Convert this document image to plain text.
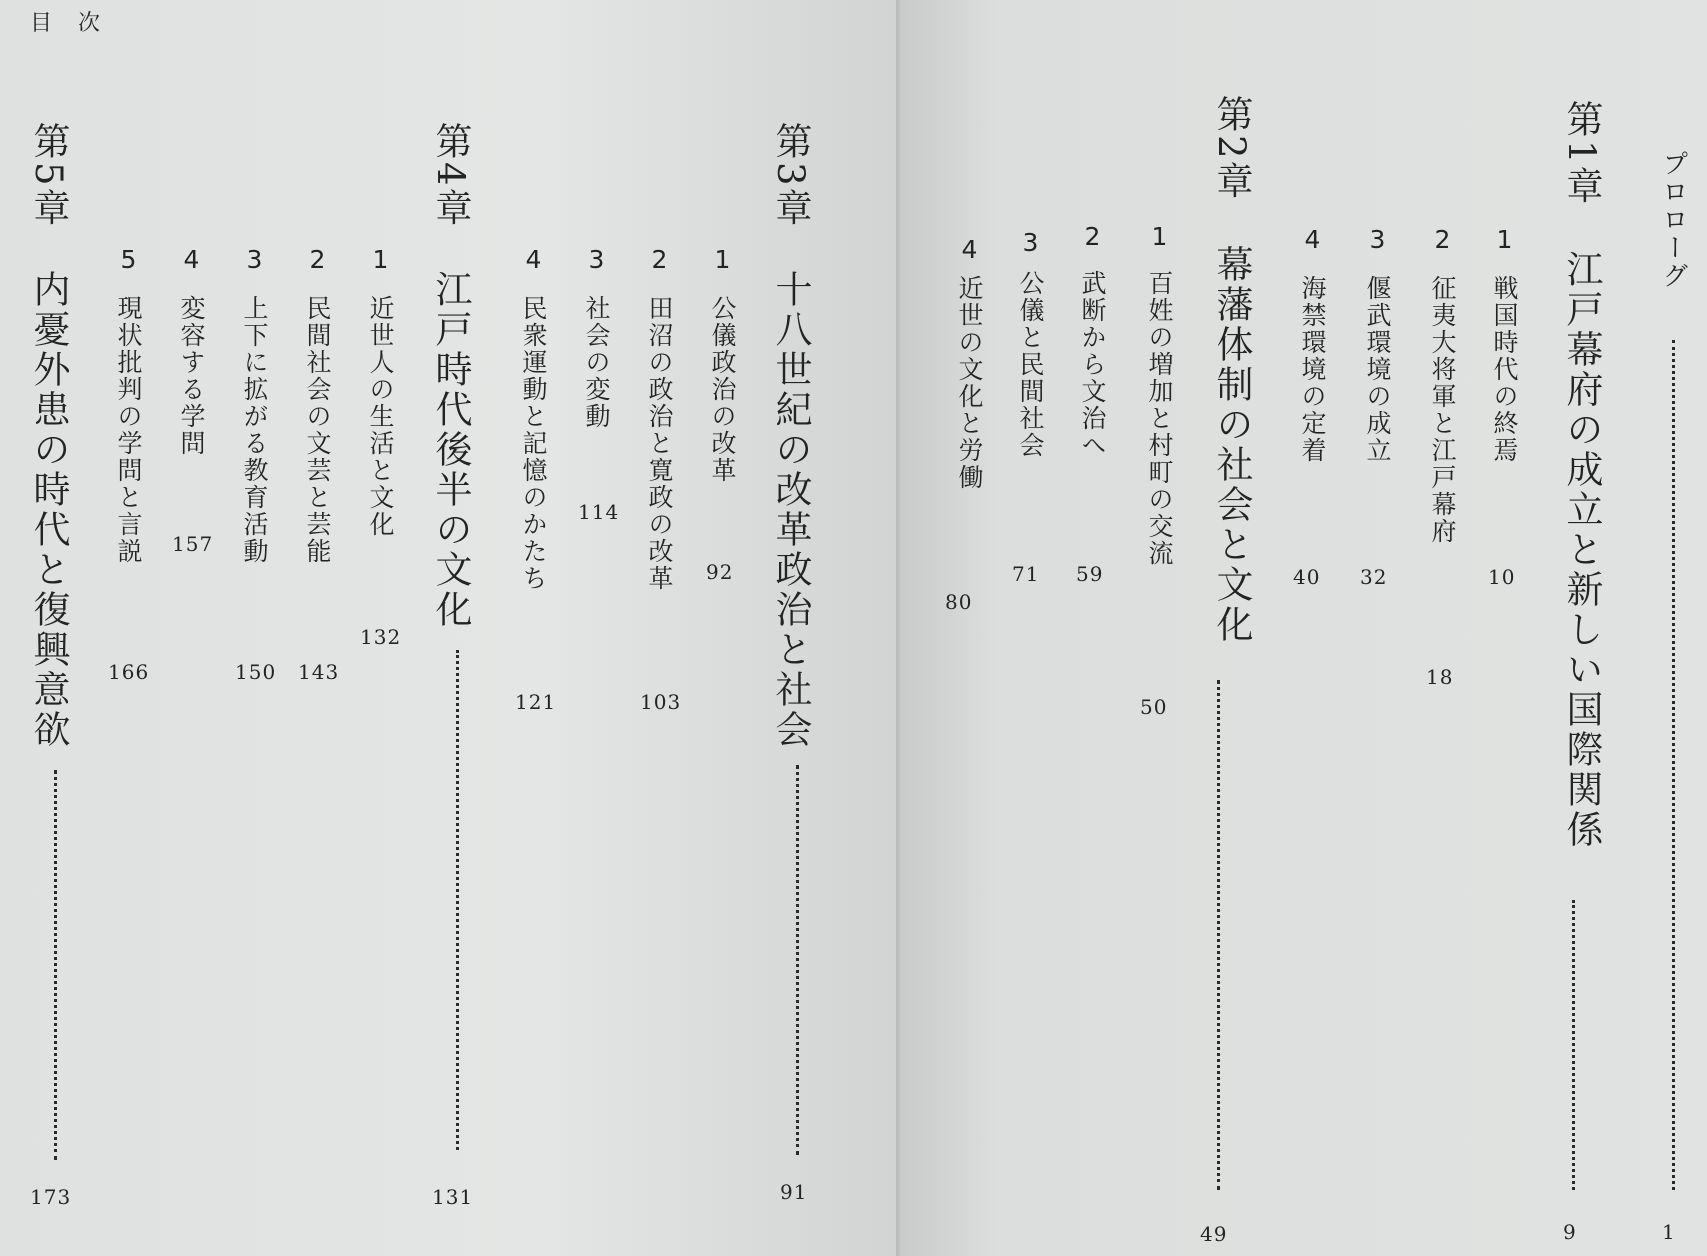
目　次
第3章
十八世紀の改革政治と社会
91
1
公儀政治の改革
92
2
田沼の政治と寛政の改革
103
3
社会の変動
114
4
民衆運動と記憶のかたち
121
第4章
江戸時代後半の文化
131
1
近世人の生活と文化
132
2
民間社会の文芸と芸能
143
3
上下に拡がる教育活動
150
4
変容する学問
157
5
現状批判の学問と言説
166
第5章
内憂外患の時代と復興意欲
173
プロローグ
1
第1章
江戸幕府の成立と新しい国際関係
9
1
戦国時代の終焉
10
2
征夷大将軍と江戸幕府
18
3
偃武環境の成立
32
4
海禁環境の定着
40
第2章
幕藩体制の社会と文化
49
1
百姓の増加と村町の交流
50
2
武断から文治へ
59
3
公儀と民間社会
71
4
近世の文化と労働
80
